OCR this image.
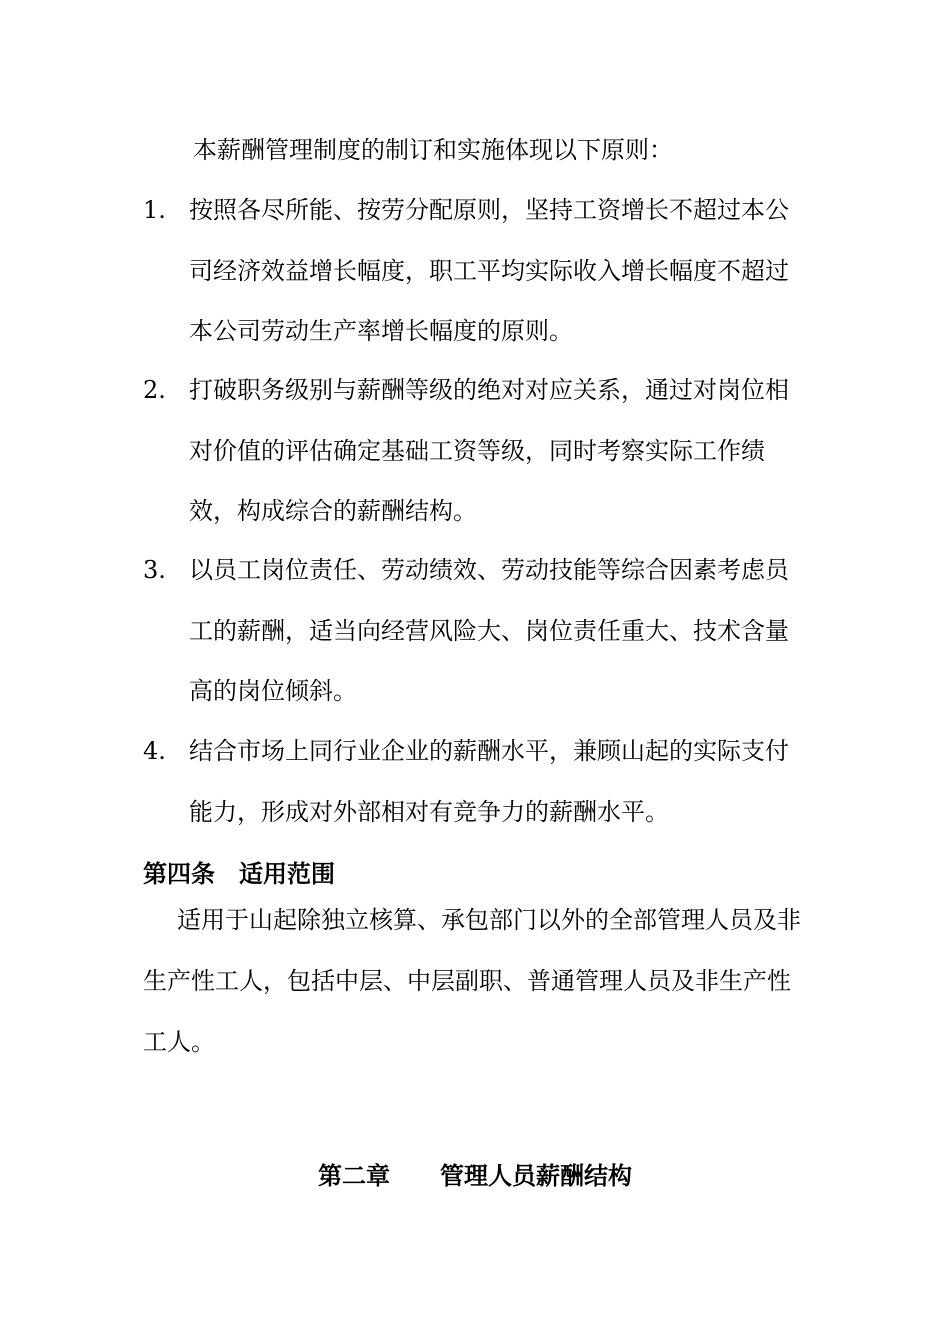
本薪酬管理制度的制订和实施体现以下原则：
1. 按照各尽所能、按劳分配原则，坚持工资增长不超过本公司经济效益增长幅度，职工平均实际收入增长幅度不超过本公司劳动生产率增长幅度的原则。
2. 打破职务级别与薪酬等级的绝对对应关系，通过对岗位相对价值的评估确定基础工资等级，同时考察实际工作绩效，构成综合的薪酬结构。
3. 以员工岗位责任、劳动绩效、劳动技能等综合因素考虑员工的薪酬，适当向经营风险大、岗位责任重大、技术含量高的岗位倾斜。
4. 结合市场上同行业企业的薪酬水平，兼顾山起的实际支付能力，形成对外部相对有竞争力的薪酬水平。
第四条 适用范围
适用于山起除独立核算、承包部门以外的全部管理人员及非生产性工人，包括中层、中层副职、普通管理人员及非生产性工人。
第二章 管理人员薪酬结构
